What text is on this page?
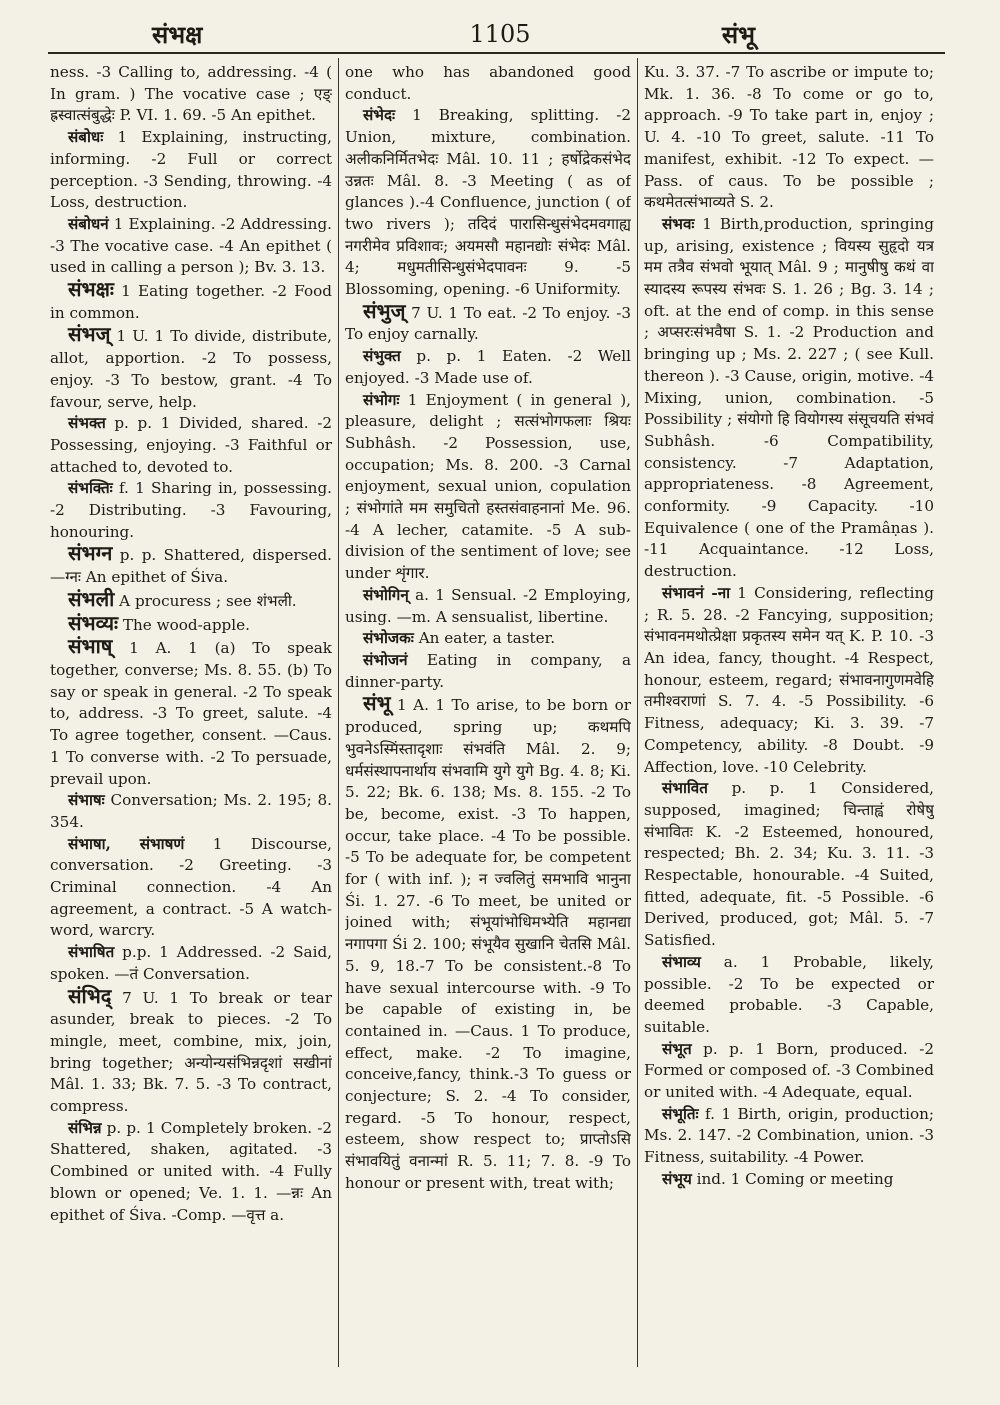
संभक्ष	1105	संभू

ness. -3 Calling to, addressing. -4 ( In gram. ) The vocative case ; एङ् ह्रस्वात्संबुद्धेः P. VI. 1. 69. -5 An epithet.

संबोधः 1 Explaining, instructing, informing. -2 Full or correct perception. -3 Sending, throwing. -4 Loss, destruction.

संबोधनं 1 Explaining. -2 Addressing. -3 The vocative case. -4 An epithet ( used in calling a person ); Bv. 3. 13.

संभक्षः 1 Eating together. -2 Food in common.

संभज् 1 U. 1 To divide, distribute, allot, apportion. -2 To possess, enjoy. -3 To bestow, grant. -4 To favour, serve, help.

संभक्त p. p. 1 Divided, shared. -2 Possessing, enjoying. -3 Faithful or attached to, devoted to.

संभक्तिः f. 1 Sharing in, possessing. -2 Distributing. -3 Favouring, honouring.

संभग्न p. p. Shattered, dispersed. —ग्नः An epithet of Śiva.

संभली A procuress ; see शंभली.

संभव्यः The wood-apple.

संभाष् 1 A. 1 (a) To speak together, converse; Ms. 8. 55. (b) To say or speak in general. -2 To speak to, address. -3 To greet, salute. -4 To agree together, consent. —Caus. 1 To converse with. -2 To persuade, prevail upon.

संभाषः Conversation; Ms. 2. 195; 8. 354.

संभाषा, संभाषणं 1 Discourse, conversation. -2 Greeting. -3 Criminal connection. -4 An agreement, a contract. -5 A watch-word, warcry.

संभाषित p.p. 1 Addressed. -2 Said, spoken. —तं Conversation.

संभिद् 7 U. 1 To break or tear asunder, break to pieces. -2 To mingle, meet, combine, mix, join, bring together; अन्योन्यसंभिन्नदृशां सखीनां Mâl. 1. 33; Bk. 7. 5. -3 To contract, compress.

संभिन्न p. p. 1 Completely broken. -2 Shattered, shaken, agitated. -3 Combined or united with. -4 Fully blown or opened; Ve. 1. 1. —न्नः An epithet of Śiva. -Comp. —वृत्त a.

one who has abandoned good conduct.

संभेदः 1 Breaking, splitting. -2 Union, mixture, combination. अलीकनिर्मितभेदः Mâl. 10. 11 ; हर्षोद्रेकसंभेद उन्नतः Mâl. 8. -3 Meeting ( as of glances ).-4 Confluence, junction ( of two rivers ); तदिदं पारासिन्धुसंभेदमवगाह्य नगरीमेव प्रविशावः; अयमसौ महानद्योः संभेदः Mâl. 4; मधुमतीसिन्धुसंभेदपावनः 9. -5 Blossoming, opening. -6 Uniformity.

संभुज् 7 U. 1 To eat. -2 To enjoy. -3 To enjoy carnally.

संभुक्त p. p. 1 Eaten. -2 Well enjoyed. -3 Made use of.

संभोगः 1 Enjoyment ( in general ), pleasure, delight ; सत्संभोगफलाः श्रियः Subhâsh. -2 Possession, use, occupation; Ms. 8. 200. -3 Carnal enjoyment, sexual union, copulation ; संभोगांते मम समुचितो हस्तसंवाहनानां Me. 96. -4 A lecher, catamite. -5 A sub-division of the sentiment of love; see under शृंगार.

संभोगिन् a. 1 Sensual. -2 Employing, using. —m. A sensualist, libertine.

संभोजकः An eater, a taster.

संभोजनं Eating in company, a dinner-party.

संभू 1 A. 1 To arise, to be born or produced, spring up; कथमपि भुवनेऽस्मिंस्तादृशाः संभवंति Mâl. 2. 9; धर्मसंस्थापनार्थाय संभवामि युगे युगे Bg. 4. 8; Ki. 5. 22; Bk. 6. 138; Ms. 8. 155. -2 To be, become, exist. -3 To happen, occur, take place. -4 To be possible. -5 To be adequate for, be competent for ( with inf. ); न ज्वलितुं समभावि भानुना Śi. 1. 27. -6 To meet, be united or joined with; संभूयांभोधिमभ्येति महानद्या नगापगा Śi 2. 100; संभूयैव सुखानि चेतसि Mâl. 5. 9, 18.-7 To be consistent.-8 To have sexual intercourse with. -9 To be capable of existing in, be contained in. —Caus. 1 To produce, effect, make. -2 To imagine, conceive,fancy, think.-3 To guess or conjecture; S. 2. -4 To consider, regard. -5 To honour, respect, esteem, show respect to; प्राप्तोऽसि संभावयितुं वनान्मां R. 5. 11; 7. 8. -9 To honour or present with, treat with;

Ku. 3. 37. -7 To ascribe or impute to; Mk. 1. 36. -8 To come or go to, approach. -9 To take part in, enjoy ; U. 4. -10 To greet, salute. -11 To manifest, exhibit. -12 To expect. —Pass. of caus. To be possible ; कथमेतत्संभाव्यते S. 2.

संभवः 1 Birth,production, springing up, arising, existence ; वियस्य सुहृदो यत्र मम तत्रैव संभवो भूयात् Mâl. 9 ; मानुषीषु कथं वा स्यादस्य रूपस्य संभवः S. 1. 26 ; Bg. 3. 14 ; oft. at the end of comp. in this sense ; अप्सरःसंभवैषा S. 1. -2 Production and bringing up ; Ms. 2. 227 ; ( see Kull. thereon ). -3 Cause, origin, motive. -4 Mixing, union, combination. -5 Possibility ; संयोगो हि वियोगस्य संसूचयति संभवं Subhâsh. -6 Compatibility, consistency. -7 Adaptation, appropriateness. -8 Agreement, conformity. -9 Capacity. -10 Equivalence ( one of the Pramâṇas ). -11 Acquaintance. -12 Loss, destruction.

संभावनं -ना 1 Considering, reflecting ; R. 5. 28. -2 Fancying, supposition; संभावनमथोत्प्रेक्षा प्रकृतस्य समेन यत् K. P. 10. -3 An idea, fancy, thought. -4 Respect, honour, esteem, regard; संभावनागुणमवेहि तमीश्वराणां S. 7. 4. -5 Possibility. -6 Fitness, adequacy; Ki. 3. 39. -7 Competency, ability. -8 Doubt. -9 Affection, love. -10 Celebrity.

संभावित p. p. 1 Considered, supposed, imagined; चिन्ताह्वं रोषेषु संभावितः K. -2 Esteemed, honoured, respected; Bh. 2. 34; Ku. 3. 11. -3 Respectable, honourable. -4 Suited, fitted, adequate, fit. -5 Possible. -6 Derived, produced, got; Mâl. 5. -7 Satisfied.

संभाव्य a. 1 Probable, likely, possible. -2 To be expected or deemed probable. -3 Capable, suitable.

संभूत p. p. 1 Born, produced. -2 Formed or composed of. -3 Combined or united with. -4 Adequate, equal.

संभूतिः f. 1 Birth, origin, production; Ms. 2. 147. -2 Combination, union. -3 Fitness, suitability. -4 Power.

संभूय ind. 1 Coming or meeting
